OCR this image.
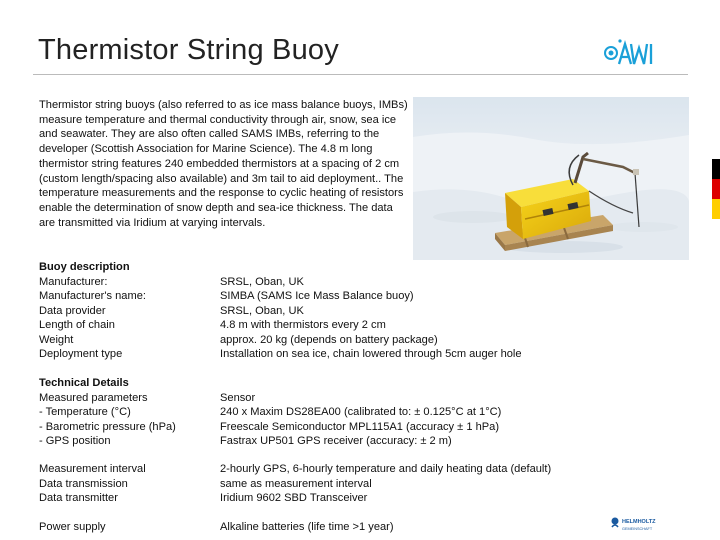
Thermistor String Buoy
Thermistor string buoys (also referred to as ice mass balance buoys, IMBs) measure temperature and thermal conductivity through air, snow, sea ice and seawater. They are also often called SAMS IMBs, referring to the developer (Scottish Association for Marine Science). The 4.8 m long thermistor string features 240 embedded thermistors at a spacing of 2 cm (custom length/spacing also available) and 3m tail to aid deployment.. The temperature measurements and the response to cyclic heating of resistors enable the determination of snow depth and sea-ice thickness. The data are transmitted via Iridium at varying intervals.
Buoy description
Manufacturer:	SRSL, Oban, UK
Manufacturer's name:	SIMBA (SAMS Ice Mass Balance buoy)
Data provider	SRSL, Oban, UK
Length of chain	4.8 m with thermistors every 2 cm
Weight	approx. 20 kg (depends on battery package)
Deployment type	Installation on sea ice, chain lowered through 5cm auger hole
Technical Details
Measured parameters	Sensor
- Temperature (°C)	240 x Maxim DS28EA00 (calibrated to: ± 0.125°C at 1°C)
- Barometric pressure (hPa)	Freescale Semiconductor MPL115A1 (accuracy ± 1 hPa)
- GPS position	Fastrax UP501 GPS receiver (accuracy: ± 2 m)
Measurement interval	2-hourly GPS, 6-hourly temperature and daily heating data (default)
Data transmission	same as measurement interval
Data transmitter	Iridium 9602 SBD Transceiver
Power supply	Alkaline batteries (life time >1 year)	HELMHOLTZ
GEMEINSCHAFT
